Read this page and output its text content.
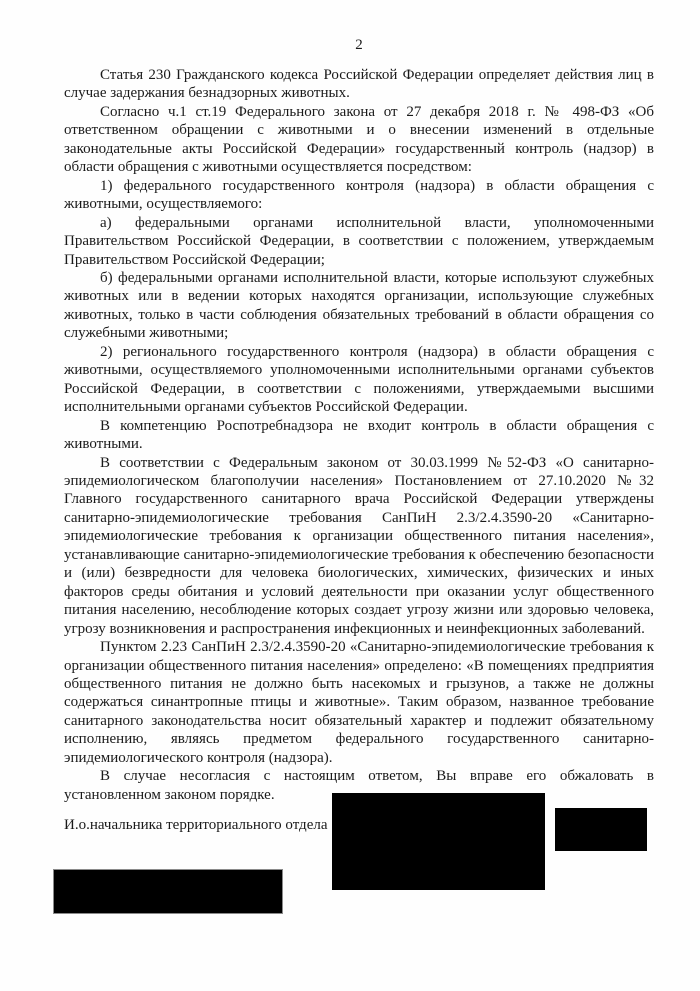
2

Статья 230 Гражданского кодекса Российской Федерации определяет действия лиц в случае задержания безнадзорных животных.

Согласно ч.1 ст.19 Федерального закона от 27 декабря 2018 г. № 498-ФЗ «Об ответственном обращении с животными и о внесении изменений в отдельные законодательные акты Российской Федерации» государственный контроль (надзор) в области обращения с животными осуществляется посредством:

1) федерального государственного контроля (надзора) в области обращения с животными, осуществляемого:

а) федеральными органами исполнительной власти, уполномоченными Правительством Российской Федерации, в соответствии с положением, утверждаемым Правительством Российской Федерации;

б) федеральными органами исполнительной власти, которые используют служебных животных или в ведении которых находятся организации, использующие служебных животных, только в части соблюдения обязательных требований в области обращения со служебными животными;

2) регионального государственного контроля (надзора) в области обращения с животными, осуществляемого уполномоченными исполнительными органами субъектов Российской Федерации, в соответствии с положениями, утверждаемыми высшими исполнительными органами субъектов Российской Федерации.

В компетенцию Роспотребнадзора не входит контроль в области обращения с животными.

В соответствии с Федеральным законом от 30.03.1999 №52-ФЗ «О санитарно-эпидемиологическом благополучии населения» Постановлением от 27.10.2020 №32 Главного государственного санитарного врача Российской Федерации утверждены санитарно-эпидемиологические требования СанПиН 2.3/2.4.3590-20 «Санитарно-эпидемиологические требования к организации общественного питания населения», устанавливающие санитарно-эпидемиологические требования к обеспечению безопасности и (или) безвредности для человека биологических, химических, физических и иных факторов среды обитания и условий деятельности при оказании услуг общественного питания населению, несоблюдение которых создает угрозу жизни или здоровью человека, угрозу возникновения и распространения инфекционных и неинфекционных заболеваний.

Пунктом 2.23 СанПиН 2.3/2.4.3590-20 «Санитарно-эпидемиологические требования к организации общественного питания населения» определено: «В помещениях предприятия общественного питания не должно быть насекомых и грызунов, а также не должны содержаться синантропные птицы и животные». Таким образом, названное требование санитарного законодательства носит обязательный характер и подлежит обязательному исполнению, являясь предметом федерального государственного санитарно-эпидемиологического контроля (надзора).

В случае несогласия с настоящим ответом, Вы вправе его обжаловать в установленном законом порядке.

И.о.начальника территориального отдела
